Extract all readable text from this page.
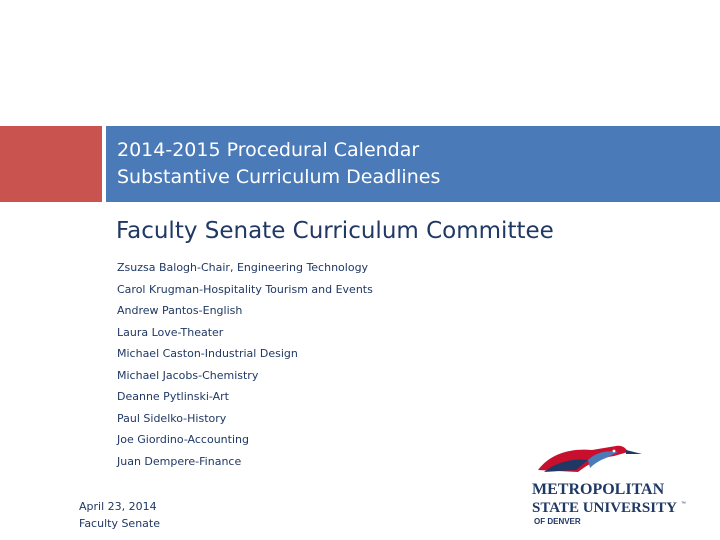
2014-2015 Procedural Calendar
Substantive Curriculum Deadlines
Faculty Senate Curriculum Committee
Zsuzsa Balogh-Chair, Engineering Technology
Carol Krugman-Hospitality Tourism and Events
Andrew Pantos-English
Laura Love-Theater
Michael Caston-Industrial Design
Michael Jacobs-Chemistry
Deanne Pytlinski-Art
Paul Sidelko-History
Joe Giordino-Accounting
Juan Dempere-Finance
April 23, 2014
Faculty Senate
METROPOLITAN
STATE UNIVERSITY ™
OF DENVER
